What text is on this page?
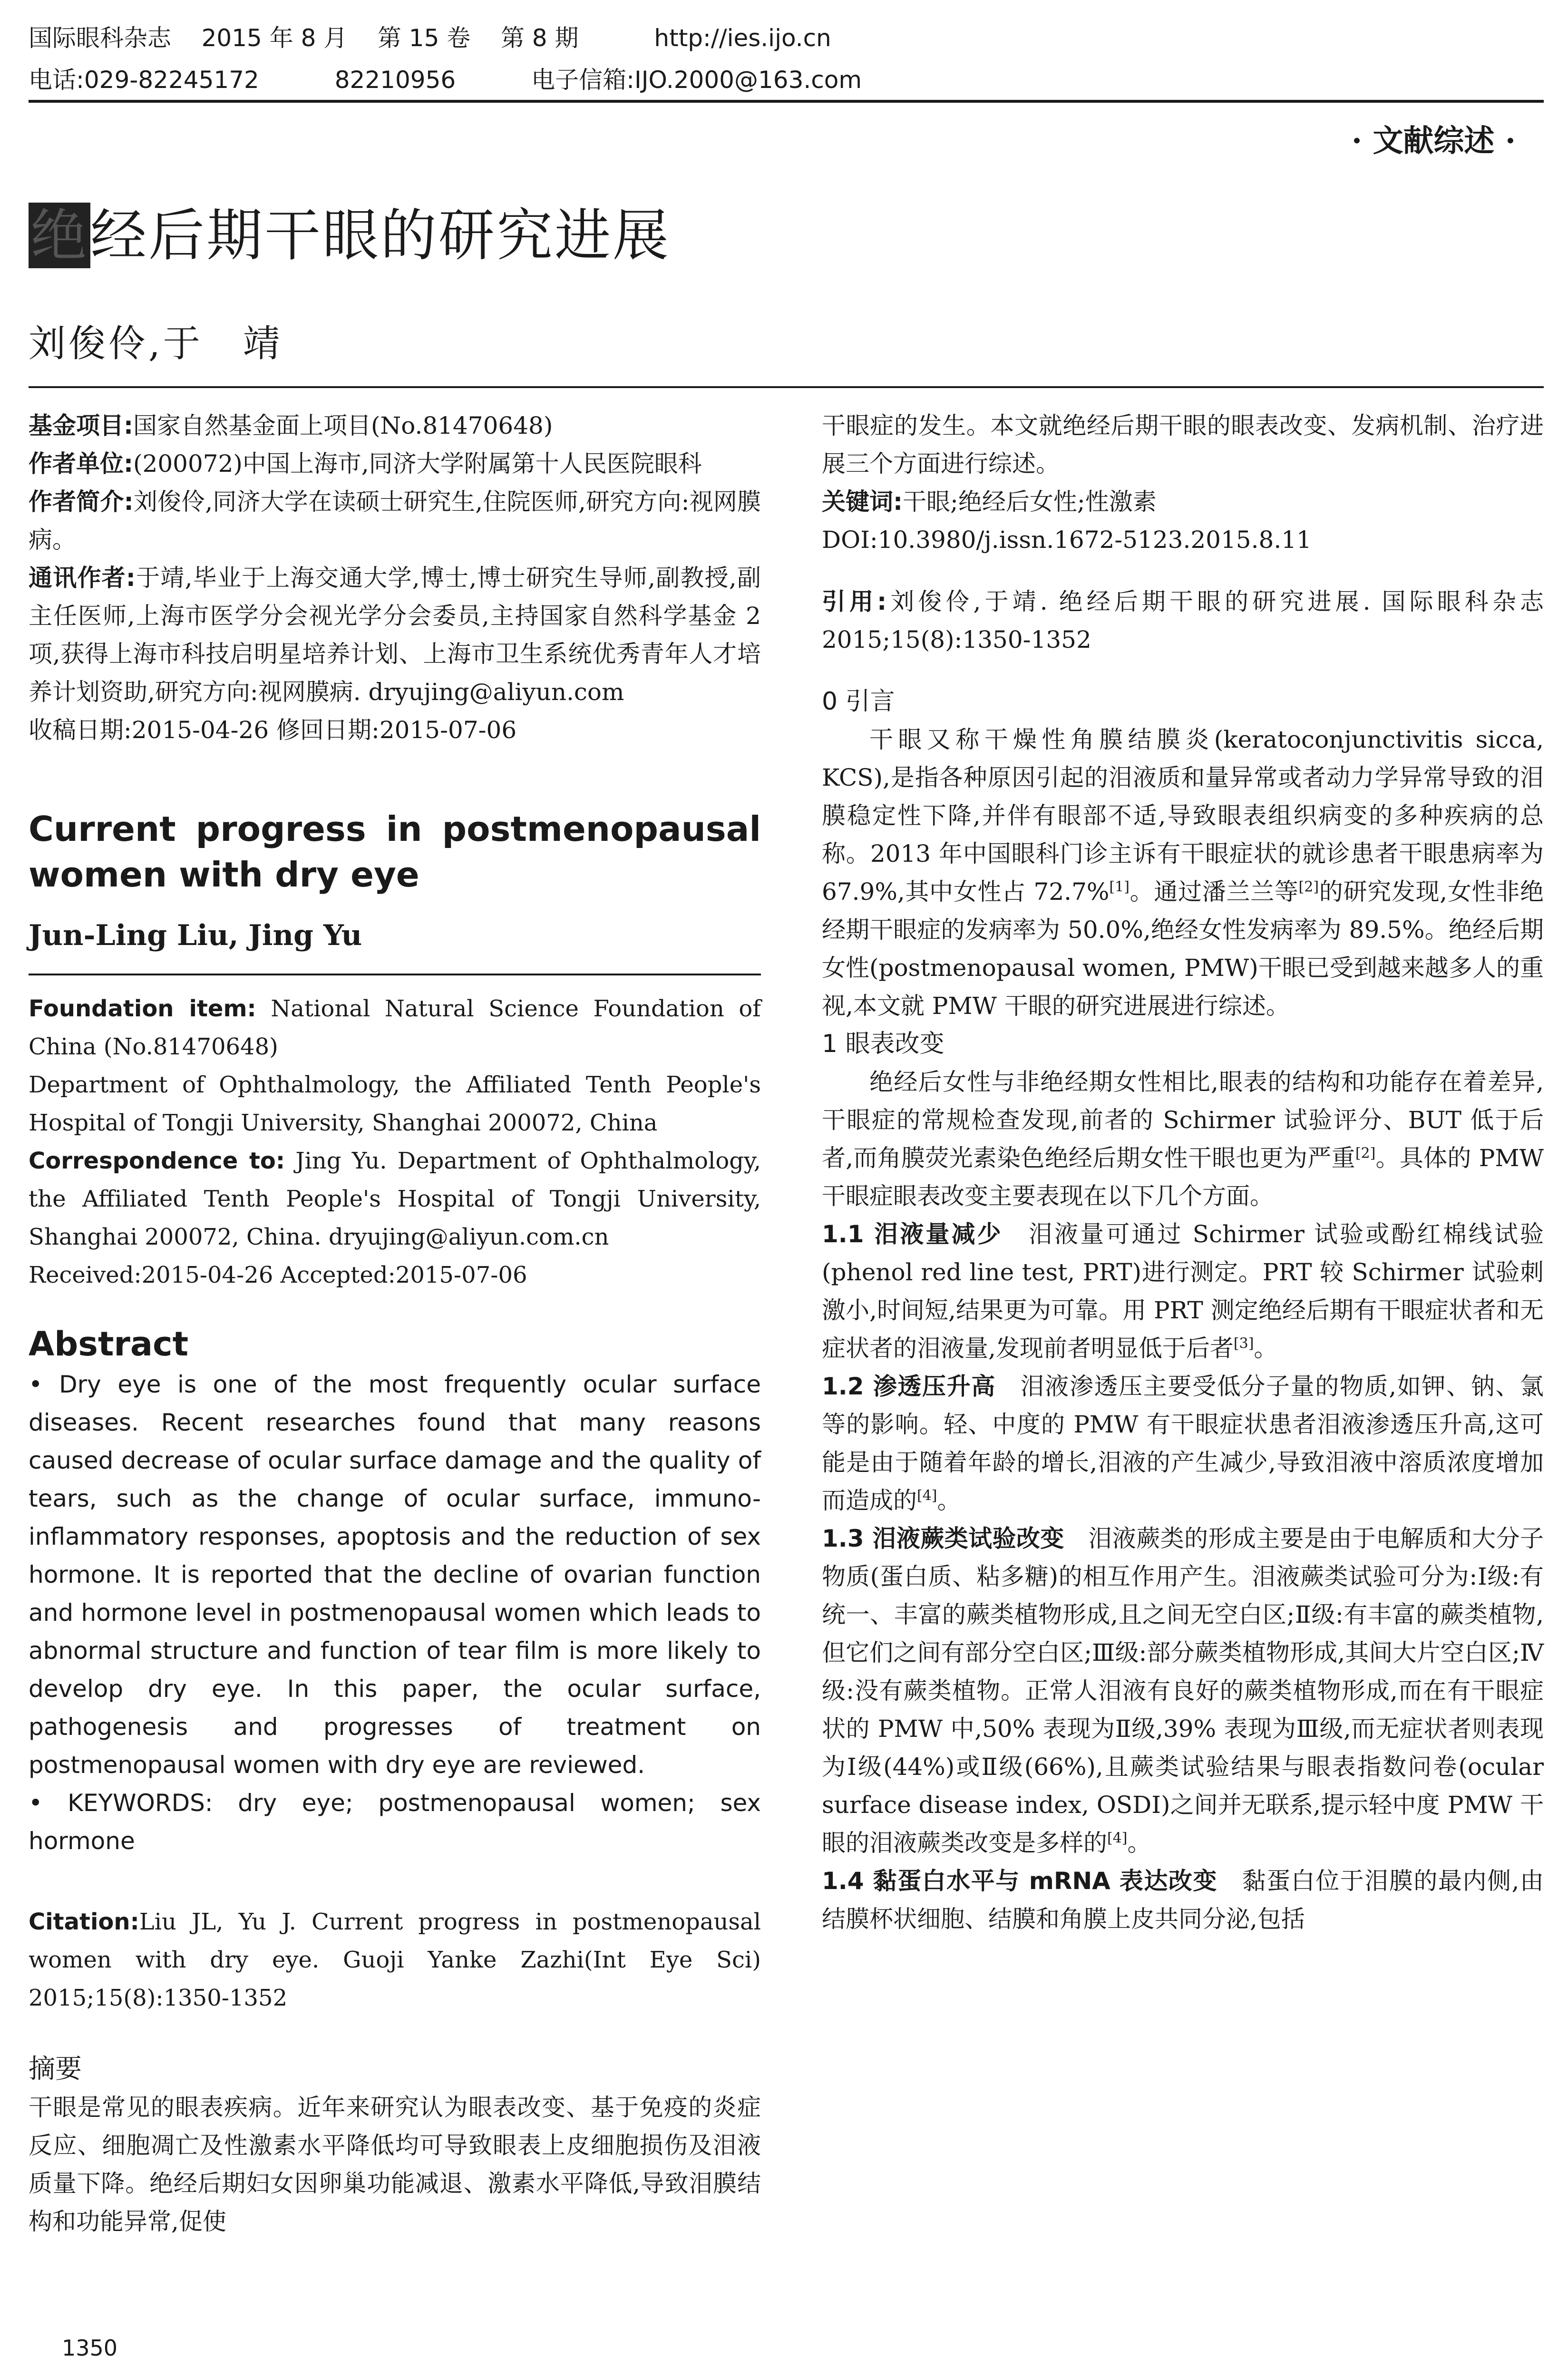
国际眼科杂志    2015 年 8 月    第 15 卷    第 8 期          http://ies.ijo.cn
电话:029-82245172          82210956          电子信箱:IJO.2000@163.com
· 文献综述 ·
绝经后期干眼的研究进展
刘俊伶,于　靖

基金项目:国家自然基金面上项目(No.81470648)

作者单位:(200072)中国上海市,同济大学附属第十人民医院眼科

作者简介:刘俊伶,同济大学在读硕士研究生,住院医师,研究方向:视网膜病。

通讯作者:于靖,毕业于上海交通大学,博士,博士研究生导师,副教授,副主任医师,上海市医学分会视光学分会委员,主持国家自然科学基金 2 项,获得上海市科技启明星培养计划、上海市卫生系统优秀青年人才培养计划资助,研究方向:视网膜病. dryujing@aliyun.com

收稿日期:2015-04-26 修回日期:2015-07-06

Current progress in postmenopausal women with dry eye
Jun-Ling Liu, Jing Yu

Foundation item: National Natural Science Foundation of China (No.81470648)

Department of Ophthalmology, the Affiliated Tenth People's Hospital of Tongji University, Shanghai 200072, China

Correspondence to: Jing Yu. Department of Ophthalmology, the Affiliated Tenth People's Hospital of Tongji University, Shanghai 200072, China. dryujing@aliyun.com.cn

Received:2015-04-26 Accepted:2015-07-06

Abstract

• Dry eye is one of the most frequently ocular surface diseases. Recent researches found that many reasons caused decrease of ocular surface damage and the quality of tears, such as the change of ocular surface, immuno-inflammatory responses, apoptosis and the reduction of sex hormone. It is reported that the decline of ovarian function and hormone level in postmenopausal women which leads to abnormal structure and function of tear film is more likely to develop dry eye. In this paper, the ocular surface, pathogenesis and progresses of treatment on postmenopausal women with dry eye are reviewed.

• KEYWORDS: dry eye; postmenopausal women; sex hormone

Citation:Liu JL, Yu J. Current progress in postmenopausal women with dry eye. Guoji Yanke Zazhi(Int Eye Sci) 2015;15(8):1350-1352

摘要

干眼是常见的眼表疾病。近年来研究认为眼表改变、基于免疫的炎症反应、细胞凋亡及性激素水平降低均可导致眼表上皮细胞损伤及泪液质量下降。绝经后期妇女因卵巢功能减退、激素水平降低,导致泪膜结构和功能异常,促使

干眼症的发生。本文就绝经后期干眼的眼表改变、发病机制、治疗进展三个方面进行综述。

关键词:干眼;绝经后女性;性激素

DOI:10.3980/j.issn.1672-5123.2015.8.11

引用:刘俊伶,于靖. 绝经后期干眼的研究进展. 国际眼科杂志 2015;15(8):1350-1352

0 引言

干眼又称干燥性角膜结膜炎(keratoconjunctivitis sicca, KCS),是指各种原因引起的泪液质和量异常或者动力学异常导致的泪膜稳定性下降,并伴有眼部不适,导致眼表组织病变的多种疾病的总称。2013 年中国眼科门诊主诉有干眼症状的就诊患者干眼患病率为 67.9%,其中女性占 72.7%[1]。通过潘兰兰等[2]的研究发现,女性非绝经期干眼症的发病率为 50.0%,绝经女性发病率为 89.5%。绝经后期女性(postmenopausal women, PMW)干眼已受到越来越多人的重视,本文就 PMW 干眼的研究进展进行综述。

1 眼表改变

绝经后女性与非绝经期女性相比,眼表的结构和功能存在着差异,干眼症的常规检查发现,前者的 Schirmer 试验评分、BUT 低于后者,而角膜荧光素染色绝经后期女性干眼也更为严重[2]。具体的 PMW 干眼症眼表改变主要表现在以下几个方面。

1.1 泪液量减少　 泪液量可通过 Schirmer 试验或酚红棉线试验(phenol red line test, PRT)进行测定。PRT 较 Schirmer 试验刺激小,时间短,结果更为可靠。用 PRT 测定绝经后期有干眼症状者和无症状者的泪液量,发现前者明显低于后者[3]。

1.2 渗透压升高　 泪液渗透压主要受低分子量的物质,如钾、钠、氯等的影响。轻、中度的 PMW 有干眼症状患者泪液渗透压升高,这可能是由于随着年龄的增长,泪液的产生减少,导致泪液中溶质浓度增加而造成的[4]。

1.3 泪液蕨类试验改变　 泪液蕨类的形成主要是由于电解质和大分子物质(蛋白质、粘多糖)的相互作用产生。泪液蕨类试验可分为:Ⅰ级:有统一、丰富的蕨类植物形成,且之间无空白区;Ⅱ级:有丰富的蕨类植物,但它们之间有部分空白区;Ⅲ级:部分蕨类植物形成,其间大片空白区;Ⅳ级:没有蕨类植物。正常人泪液有良好的蕨类植物形成,而在有干眼症状的 PMW 中,50% 表现为Ⅱ级,39% 表现为Ⅲ级,而无症状者则表现为Ⅰ级(44%)或Ⅱ级(66%),且蕨类试验结果与眼表指数问卷(ocular surface disease index, OSDI)之间并无联系,提示轻中度 PMW 干眼的泪液蕨类改变是多样的[4]。

1.4 黏蛋白水平与 mRNA 表达改变　 黏蛋白位于泪膜的最内侧,由结膜杯状细胞、结膜和角膜上皮共同分泌,包括

1350
